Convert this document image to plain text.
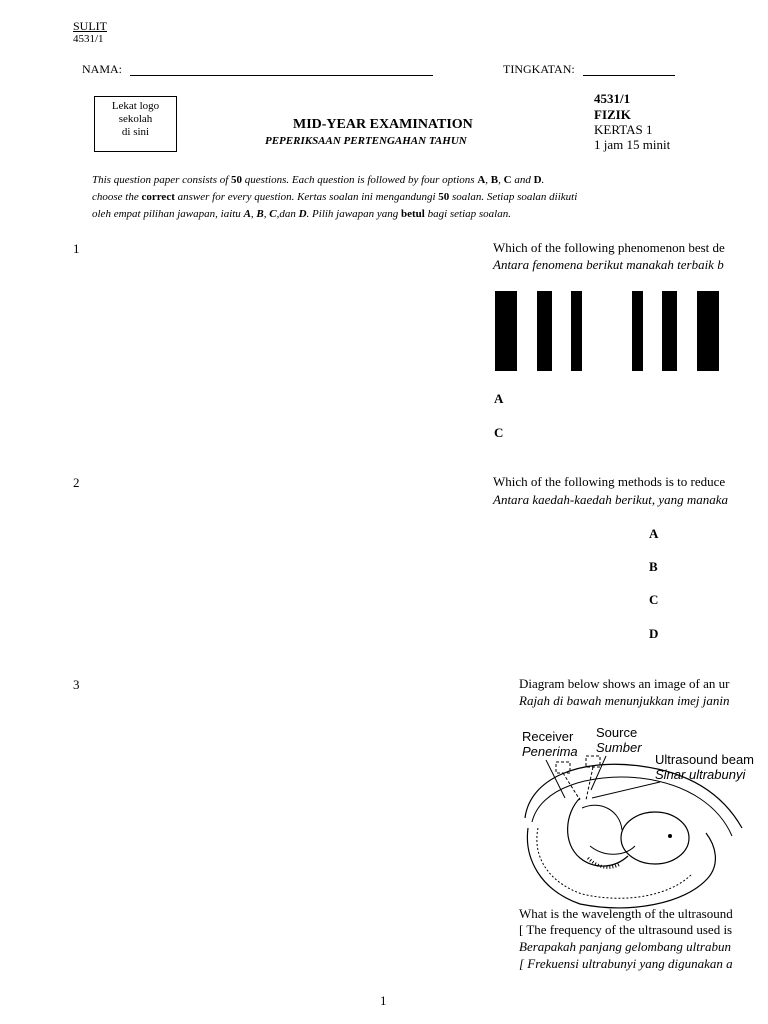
SULIT
4531/1
NAMA:	TINGKATAN:
Lekat logo
sekolah
di sini	MID-YEAR EXAMINATION
PEPERIKSAAN PERTENGAHAN TAHUN
4531/1
FIZIK
KERTAS 1
1 jam 15 minit
This question paper consists of 50 questions. Each question is followed by four options A, B, C and D.
choose the correct answer for every question. Kertas soalan ini mengandungi 50 soalan. Setiap soalan diikuti
oleh empat pilihan jawapan, iaitu A, B, C,dan D. Pilih jawapan yang betul bagi setiap soalan.
1	Which of the following phenomenon best de
Antara fenomena berikut manakah terbaik b
A
C
2	Which of the following methods is to reduce
Antara kaedah-kaedah berikut, yang manaka
A
B
C
D
3	Diagram below shows an image of an ur
Rajah di bawah menunjukkan imej janin
Receiver
Penerima
Source
Sumber
Ultrasound beam
Sinar ultrabunyi
What is the wavelength of the ultrasound
[ The frequency of the ultrasound used is
Berapakah panjang gelombang ultrabun
[ Frekuensi ultrabunyi yang digunakan a
1
